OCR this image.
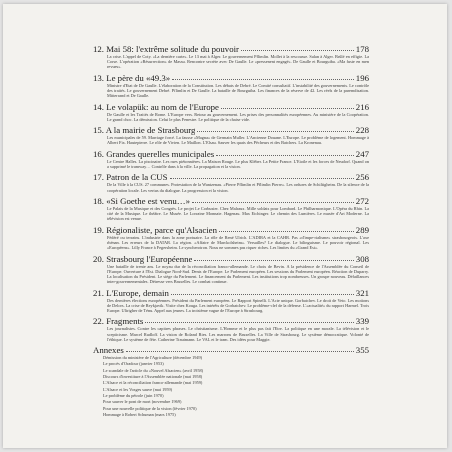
12. Mai 58: l'extrême solitude du pouvoir	178
La crise. L'appel de Coty. «La dernière carte». Le 13 mai à Alger. Le gouvernement Pflimlin. Mollet à la rescousse. Salan à Alger. Brûlé en effigie. La Corse. L'opération «Résurrection» de Massu. Rencontre secrète avec De Gaulle. Le «pressenent engagé». De Gaulle et Bourguiba. «Ma fuste en men revues».
13. Le père du «49.3»	196
Ministre d'Etat de De Gaulle. L'élaboration de la Constitution. Les débats de Debré. Le Comité consultatif. L'instabilité des gouvernements. Le contrôle des traités. Le gouvernement Debré. Pflimlin et De Gaulle. La bataille de Bourguiba. Les finances de la réserve de 42. Les réels de la paremdisation. Mitterrand et De Gaulle.
14. Le volapük: au nom de l'Europe	216
De Gaulle et les Traités de Rome. L'Europe vers. Retour au gouvernement. Les prises des personnalités européennes. Au ministère de la Coopération. Le grand choc. La démission. Celui le plus Fenestre. Le politique de la chaise vide.
15. A la mairie de Strasbourg	228
Les municipales de 59. Marriage forcé. La fausse «Magna» de Germain Muller. L'Ancienne Douane. L'Europe. Le problème de logement. Hommage à Albert Fix. Hautepierre. Le rôle de Vivien. Le Maillon. L'Elsau. Sauver les quais des Pêcheurs et des Batchers. La Kronenau.
16. Grandes querelles municipales	247
Le Centre Halles. La piscinaire. Les rues piétonnières. La Maison Rouge. Le plus Kléber. La Petite France. L'Etoile et les forces de Neudorf. Quand on a supprimé le tramway… Contrôle dans à la ville. La propagation et la vision.
17. Patron de la CUS	256
De la Ville à la CUS. 27 communes. Protestation de la Wantzenau. «Pierre Pflimlin et Pflimlin Pierre». Les ordures de Schiltigheim. De la silence de la coopération locale. Les vertus du dialogue. La progression et la vision.
18. «Si Goethe est venu…»	272
Le Palais de la Musique et des Congrès. Le projet Le Corbusier. Chez Malraux. Mille soldats pour Lombard. Le Philharmonique. L'Opéra du Rhin. La cité de la Musique. Le théâtre. Le Musée. Le Lorraine Monnaie. Hagenau. Max Eichinger. Le chemin des Lumières. Le musée d'Art Moderne. La télévision est venue.
19. Régionaliste, parce qu'Alsacien	289
Fédéré ou terrains. L'industrie dans la zone portuaire. La rôle de René Ulrich. L'ADIRA et la CAHR. Pas «d'impe-rialisme» strasbourgeois. L'axe rhénan. Les erreurs de la DATAR. La région. «Affaire de Marckolsheim». Versailles? Le dialogue. Le bilinguisme. Le pouvoir régional. Les «Européens». Lilly France à Fegersheim. Le syncherotron. Nous ne sommes pas riquer riches. Les limites du «Grand Est».
20. Strasbourg l'Européenne	308
Une bataille de trente ans. Le noyau dur de la réconciliation franco-allemande. Le choix de Bevin. A la présidence de l'Assemblée du Conseil de l'Europe. Ouverture à l'Est. Dialogue Nord-Sud. Dents de l'Europe. Le Parlement européen. Les sessions du Parlement européen. Réaction de Duparry. La localisation du Président. Le siège du Parlement. Le financement du Parlement. Les institutions trop nombreuses. Un groupe nouveau. Défaillances inter-gouvernementales. Détresse vers Bruxelles. Le combat continue.
21. L'Europe, demain	321
Des dernières élections européennes. Président du Parlement européen. Le Rapport Spinelli. L'Acte unique. Gorbatchev. Le droit de Veto. Les motions de Delors. La crise de Reykjavik. Visite chez Kouga. Les intérêts de Gorbatchev. Le problème-clef de la défense. L'«actualité» du rapport Harmel. Trois Europe. Ulirigher de Ténu. Appel aux jeunes. La troisième vague de l'Europe à Strasbourg.
22. Fragments	339
Les journalistes. Contre les capitres phrases. Le christianisme. L'Homme et le plus pas fait l'Etre. La politique en une morale. La télévision et le scepticisme. Marcel Rudloff. La vision de Roland Ries. Les marrons de Bruxelles. La Ville de Strasbourg. Le système démocratique. Volonté de l'éthique. Le système de fête. Catherine Trautmann. Le VAL et le tram. Des idées pour Maggie.
Annexes	355
Démission du ministère de l'Agriculture (décembre 1949)
Le procès d'Oradour (janvier 1953)
Le scandale de l'article du «Nouvel Alsacien» (avril 1958)
Discours d'investiture à l'Assemblée nationale (mai 1958)
L'Alsace et la réconciliation franco-allemande (mai 1959)
L'Alsace et les Vosges sauve (mai 1959)
Le problème du pétrole (juin 1970)
Pour sauver le pont de mort (novembre 1969)
Pour une nouvelle politique de la vision (février 1970)
Hommage à Robert Schuman (mars 1975)
